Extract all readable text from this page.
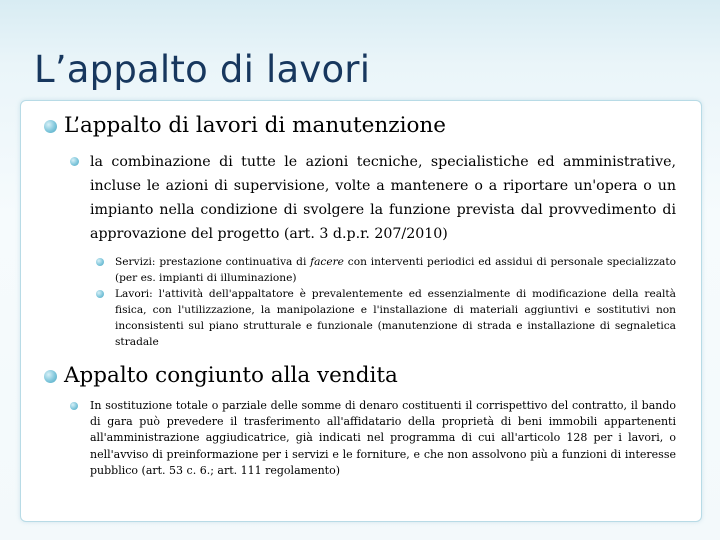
L’appalto di lavori
L’appalto di lavori di manutenzione
la combinazione di tutte le azioni tecniche, specialistiche ed amministrative, incluse le azioni di supervisione, volte a mantenere o a riportare un'opera o un impianto nella condizione di svolgere la funzione prevista dal provvedimento di approvazione del progetto (art. 3 d.p.r. 207/2010)
Servizi: prestazione continuativa di facere con interventi periodici ed assidui di personale specializzato (per es. impianti di illuminazione)
Lavori: l'attività dell'appaltatore è prevalentemente ed essenzialmente di modificazione della realtà fisica, con l'utilizzazione, la manipolazione e l'installazione di materiali aggiuntivi e sostitutivi non inconsistenti sul piano strutturale e funzionale (manutenzione di strada e installazione di segnaletica stradale
Appalto congiunto alla vendita
In sostituzione totale o parziale delle somme di denaro costituenti il corrispettivo del contratto, il bando di gara può prevedere il trasferimento all'affidatario della proprietà di beni immobili appartenenti all'amministrazione aggiudicatrice, già indicati nel programma di cui all'articolo 128 per i lavori, o nell'avviso di preinformazione per i servizi e le forniture, e che non assolvono più a funzioni di interesse pubblico (art. 53 c. 6.; art. 111 regolamento)
